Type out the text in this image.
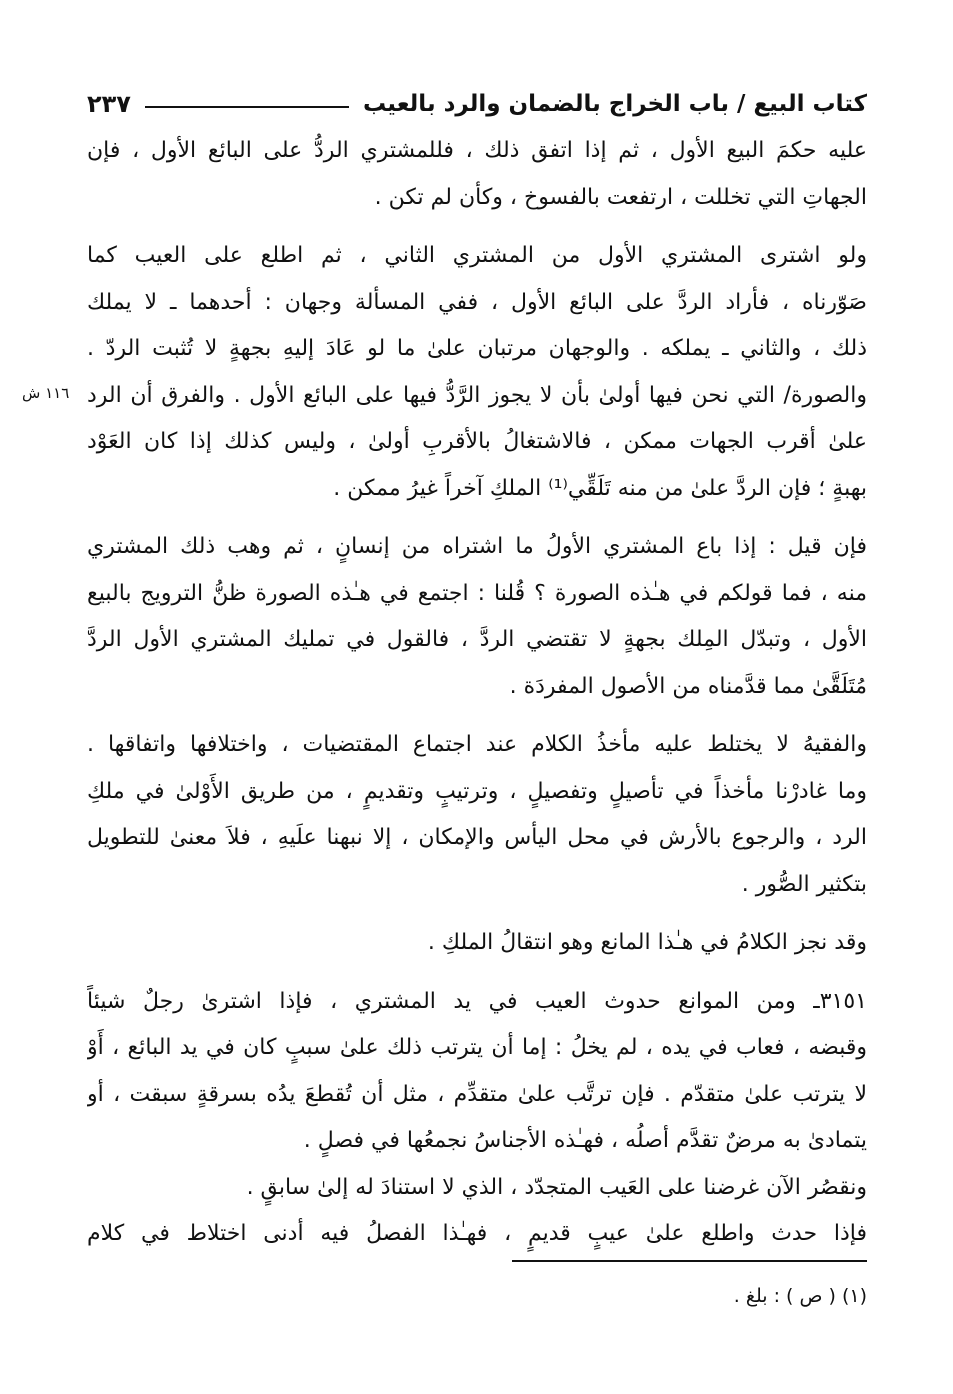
كتاب البيع / باب الخراج بالضمان والرد بالعيب
٢٣٧
١١٦ ش
عليه حكمَ البيع الأول ، ثم إذا اتفق ذلك ، فللمشتري الردُّ على البائع الأول ، فإن
الجهاتِ التي تخللت ، ارتفعت بالفسوخ ، وكأن لم تكن .
ولو اشترى المشتري الأول من المشتري الثاني ، ثم اطلع على العيب كما
صَوّرناه ، فأراد الردَّ على البائع الأول ، ففي المسألة وجهان : أحدهما ـ لا يملك
ذلك ، والثاني ـ يملكه . والوجهان مرتبان علىٰ ما لو عَادَ إليهِ بجهةٍ لا تُثبت الردّ .
والصورة/ التي نحن فيها أولىٰ بأن لا يجوز الرَّدُّ فيها على البائع الأول . والفرق أن الرد
علىٰ أقرب الجهات ممكن ، فالاشتغالُ بالأقربِ أولىٰ ، وليس كذلك إذا كان العَوْد
بهبةٍ ؛ فإن الردَّ علىٰ من منه تَلَقِّي⁽¹⁾ الملكِ آخراً غيرُ ممكن .
فإن قيل : إذا باع المشتري الأولُ ما اشتراه من إنسانٍ ، ثم وهب ذلك المشتري
منه ، فما قولكم في هـٰذه الصورة ؟ قُلنا : اجتمع في هـٰذه الصورة ظنُّ الترويج بالبيع
الأول ، وتبدّل المِلك بجهةٍ لا تقتضي الردَّ ، فالقول في تمليك المشتري الأول الردَّ
مُتَلَقَّىٰ مما قدَّمناه من الأصول المفردَة .
والفقيهُ لا يختلط عليه مأخذُ الكلام عند اجتماع المقتضيات ، واختلافها واتفاقها .
وما غادرْنا مأخذاً في تأصيلٍ وتفصيلٍ ، وترتيبٍ وتقديمٍ ، من طريق الأَوْلىٰ في ملكِ
الرد ، والرجوع بالأرش في محل اليأس والإمكان ، إلا نبهنا علَيهِ ، فلاَ معنىٰ للتطويل
بتكثير الصُّور .
وقد نجز الكلامُ في هـٰذا المانع وهو انتقالُ الملكِ .
٣١٥١ـ ومن الموانع حدوث العيب في يد المشتري ، فإذا اشترىٰ رجلٌ شيئاً
وقبضه ، فعاب في يده ، لم يخلُ : إما أن يترتب ذلك علىٰ سببٍ كان في يد البائع ، أَوْ
لا يترتب علىٰ متقدّم . فإن ترتَّب علىٰ متقدِّم ، مثل أن تُقطعَ يدُه بسرقةٍ سبقت ، أو
يتمادىٰ به مرضٌ تقدَّم أصلُه ، فهـٰذه الأجناسُ نجمعُها في فصلٍ .
ونقصُر الآن غرضنا على العَيب المتجدّد ، الذي لا استنادَ له إلىٰ سابقٍ .
فإذا حدث واطلع علىٰ عيبٍ قديمٍ ، فهـٰذا الفصلُ فيه أدنى اختلاط في كلام
(١) ( ص ) : بلغ .
